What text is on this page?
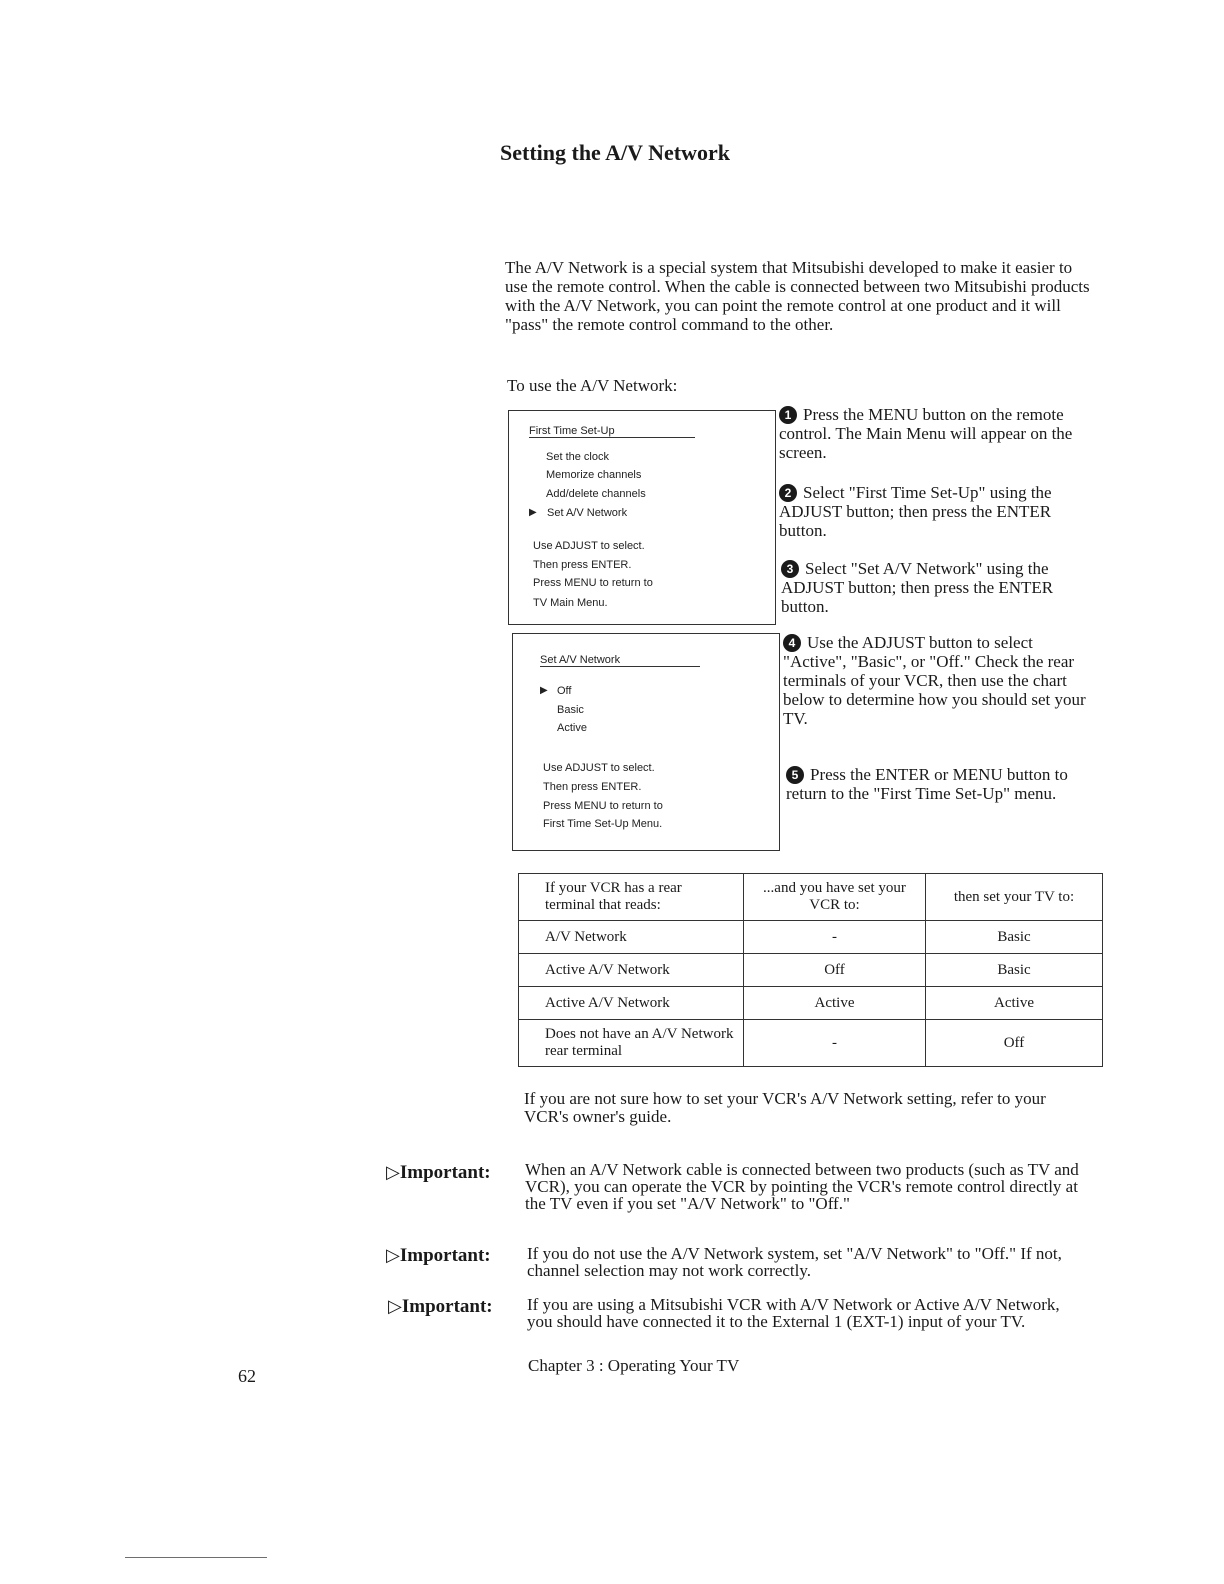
Setting the A/V Network

The A/V Network is a special system that Mitsubishi developed to make it easier to use the remote control. When the cable is connected between two Mitsubishi products with the A/V Network, you can point the remote control at one product and it will "pass" the remote control command to the other.

To use the A/V Network:

First Time Set-Up
Set the clock
Memorize channels
Add/delete channels
▶ Set A/V Network
Use ADJUST to select.
Then press ENTER.
Press MENU to return to
TV Main Menu.
Set A/V Network
▶ Off
Basic
Active
Use ADJUST to select.
Then press ENTER.
Press MENU to return to
First Time Set-Up Menu.
1 Press the MENU button on the remote control. The Main Menu will appear on the screen.
2 Select "First Time Set-Up" using the ADJUST button; then press the ENTER button.
3 Select "Set A/V Network" using the ADJUST button; then press the ENTER button.
4 Use the ADJUST button to select "Active", "Basic", or "Off." Check the rear terminals of your VCR, then use the chart below to determine how you should set your TV.
5 Press the ENTER or MENU button to return to the "First Time Set-Up" menu.
If your VCR has a rear terminal that reads:	...and you have set your VCR to:	then set your TV to:
A/V Network	-	Basic
Active A/V Network	Off	Basic
Active A/V Network	Active	Active
Does not have an A/V Network rear terminal	-	Off

If you are not sure how to set your VCR's A/V Network setting, refer to your VCR's owner's guide.

▷Important: When an A/V Network cable is connected between two products (such as TV and VCR), you can operate the VCR by pointing the VCR's remote control directly at the TV even if you set "A/V Network" to "Off."

▷Important: If you do not use the A/V Network system, set "A/V Network" to "Off." If not, channel selection may not work correctly.

▷Important: If you are using a Mitsubishi VCR with A/V Network or Active A/V Network, you should have connected it to the External 1 (EXT-1) input of your TV.

Chapter 3 : Operating Your TV

62
